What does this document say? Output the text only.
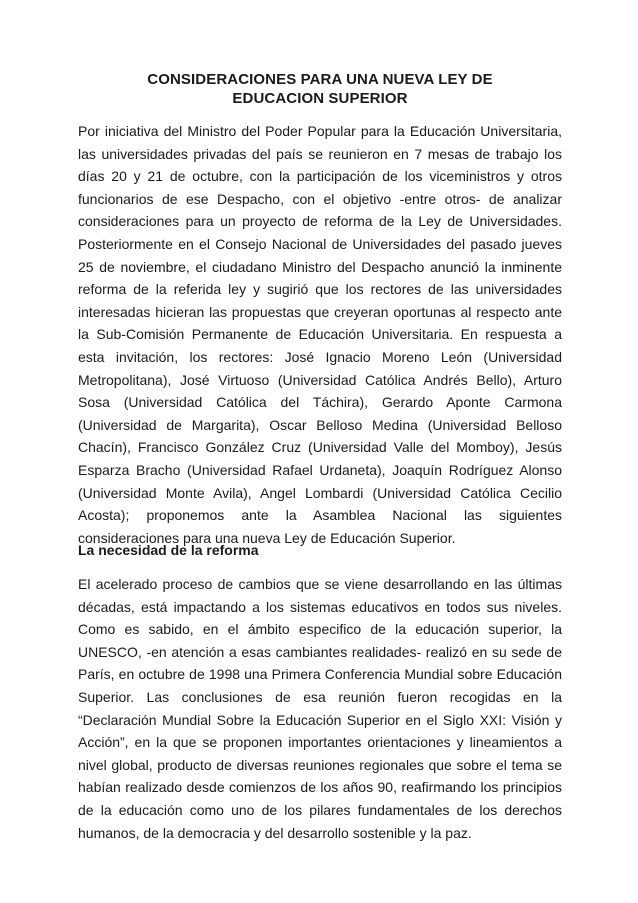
CONSIDERACIONES PARA UNA NUEVA LEY DE
EDUCACION SUPERIOR

Por iniciativa del Ministro del Poder Popular para la Educación Universitaria, las universidades privadas del país se reunieron en 7 mesas de trabajo los días 20 y 21 de octubre, con la participación de los viceministros y otros funcionarios de ese Despacho, con el objetivo -entre otros- de analizar consideraciones para un proyecto de reforma de la Ley de Universidades. Posteriormente en el Consejo Nacional de Universidades del pasado jueves 25 de noviembre, el ciudadano Ministro del Despacho anunció la inminente reforma de la referida ley y sugirió que los rectores de las universidades interesadas hicieran las propuestas que creyeran oportunas al respecto ante la Sub-Comisión Permanente de Educación Universitaria. En respuesta a esta invitación, los rectores: José Ignacio Moreno León (Universidad Metropolitana), José Virtuoso (Universidad Católica Andrés Bello), Arturo Sosa (Universidad Católica del Táchira), Gerardo Aponte Carmona (Universidad de Margarita), Oscar Belloso Medina (Universidad Belloso Chacín), Francisco González Cruz (Universidad Valle del Momboy), Jesús Esparza Bracho (Universidad Rafael Urdaneta), Joaquín Rodríguez Alonso (Universidad Monte Avila), Angel Lombardi (Universidad Católica Cecilio Acosta); proponemos ante la Asamblea Nacional las siguientes consideraciones para una nueva Ley de Educación Superior.

La necesidad de la reforma

El acelerado proceso de cambios que se viene desarrollando en las últimas décadas, está impactando a los sistemas educativos en todos sus niveles. Como es sabido, en el ámbito especifico de la educación superior, la UNESCO, -en atención a esas cambiantes realidades- realizó en su sede de París, en octubre de 1998 una Primera Conferencia Mundial sobre Educación Superior. Las conclusiones de esa reunión fueron recogidas en la “Declaración Mundial Sobre la Educación Superior en el Siglo XXI: Visión y Acción”, en la que se proponen importantes orientaciones y lineamientos a nivel global, producto de diversas reuniones regionales que sobre el tema se habían realizado desde comienzos de los años 90, reafirmando los principios de la educación como uno de los pilares fundamentales de los derechos humanos, de la democracia y del desarrollo sostenible y la paz.
